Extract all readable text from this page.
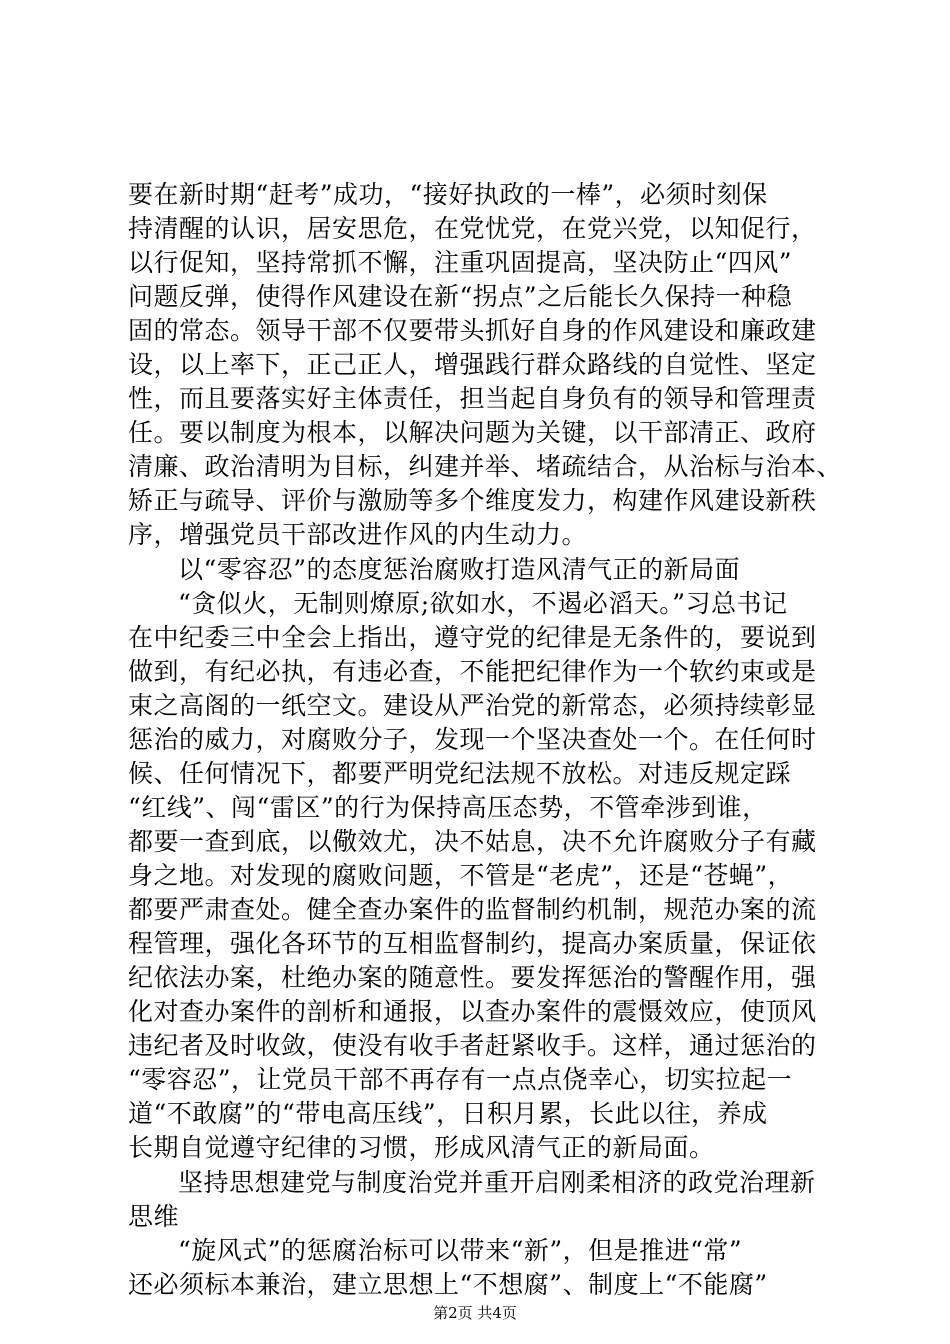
要在新时期“赶考”成功，“接好执政的一棒”，必须时刻保
持清醒的认识，居安思危，在党忧党，在党兴党，以知促行，
以行促知，坚持常抓不懈，注重巩固提高，坚决防止“四风”
问题反弹，使得作风建设在新“拐点”之后能长久保持一种稳
固的常态。领导干部不仅要带头抓好自身的作风建设和廉政建
设，以上率下，正己正人，增强践行群众路线的自觉性、坚定
性，而且要落实好主体责任，担当起自身负有的领导和管理责
任。要以制度为根本，以解决问题为关键，以干部清正、政府
清廉、政治清明为目标，纠建并举、堵疏结合，从治标与治本、
矫正与疏导、评价与激励等多个维度发力，构建作风建设新秩
序，增强党员干部改进作风的内生动力。
以“零容忍”的态度惩治腐败打造风清气正的新局面
“贪似火，无制则燎原;欲如水，不遏必滔天。”习总书记
在中纪委三中全会上指出，遵守党的纪律是无条件的，要说到
做到，有纪必执，有违必查，不能把纪律作为一个软约束或是
束之高阁的一纸空文。建设从严治党的新常态，必须持续彰显
惩治的威力，对腐败分子，发现一个坚决查处一个。在任何时
候、任何情况下，都要严明党纪法规不放松。对违反规定踩
“红线”、闯“雷区”的行为保持高压态势，不管牵涉到谁，
都要一查到底，以儆效尤，决不姑息，决不允许腐败分子有藏
身之地。对发现的腐败问题，不管是“老虎”，还是“苍蝇”，
都要严肃查处。健全查办案件的监督制约机制，规范办案的流
程管理，强化各环节的互相监督制约，提高办案质量，保证依
纪依法办案，杜绝办案的随意性。要发挥惩治的警醒作用，强
化对查办案件的剖析和通报，以查办案件的震慑效应，使顶风
违纪者及时收敛，使没有收手者赶紧收手。这样，通过惩治的
“零容忍”，让党员干部不再存有一点点侥幸心，切实拉起一
道“不敢腐”的“带电高压线”，日积月累，长此以往，养成
长期自觉遵守纪律的习惯，形成风清气正的新局面。
坚持思想建党与制度治党并重开启刚柔相济的政党治理新
思维
“旋风式”的惩腐治标可以带来“新”，但是推进“常”
还必须标本兼治，建立思想上“不想腐”、制度上“不能腐”
第2页 共4页
